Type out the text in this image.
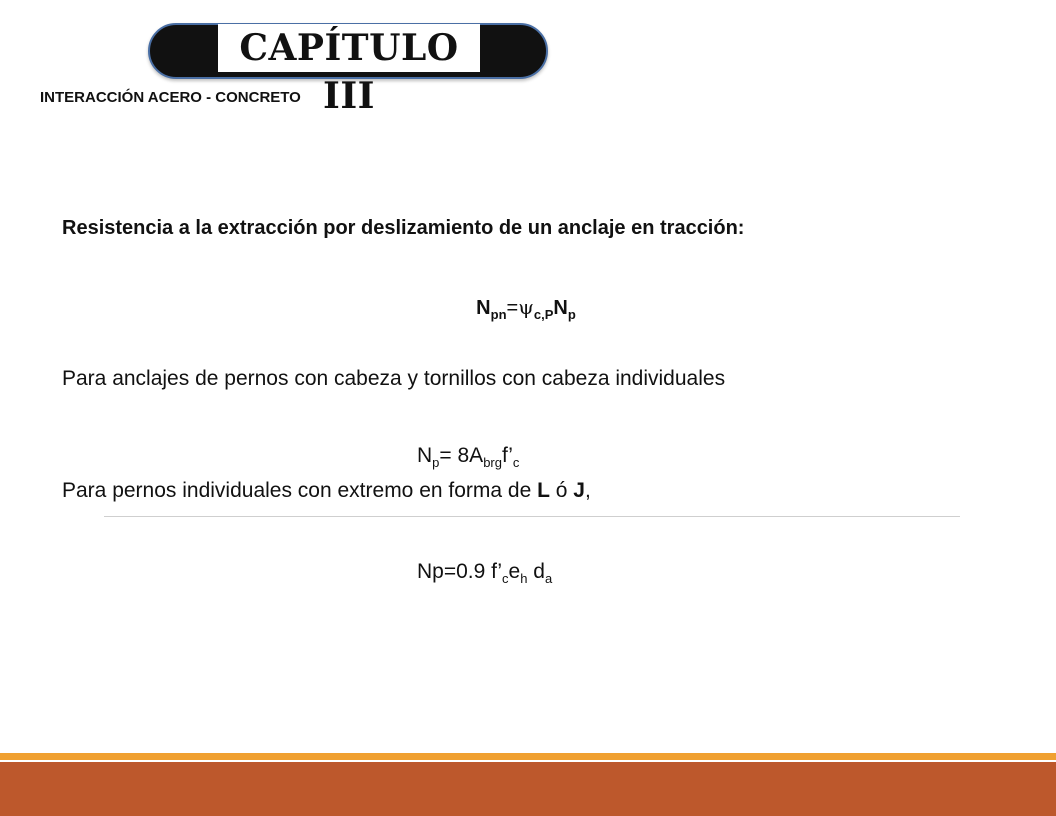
CAPÍTULO III
INTERACCIÓN ACERO - CONCRETO

Resistencia a la extracción por deslizamiento de un anclaje en tracción:

$N_{pn}=\psi_{c,P}N_p$

Para anclajes de pernos con cabeza y tornillos con cabeza individuales

$N_p=$ $8A_{brg}f’_c$

Para pernos individuales con extremo en forma de L ó J,

Np=0.9 $f’_ce_h$ $d_a$
